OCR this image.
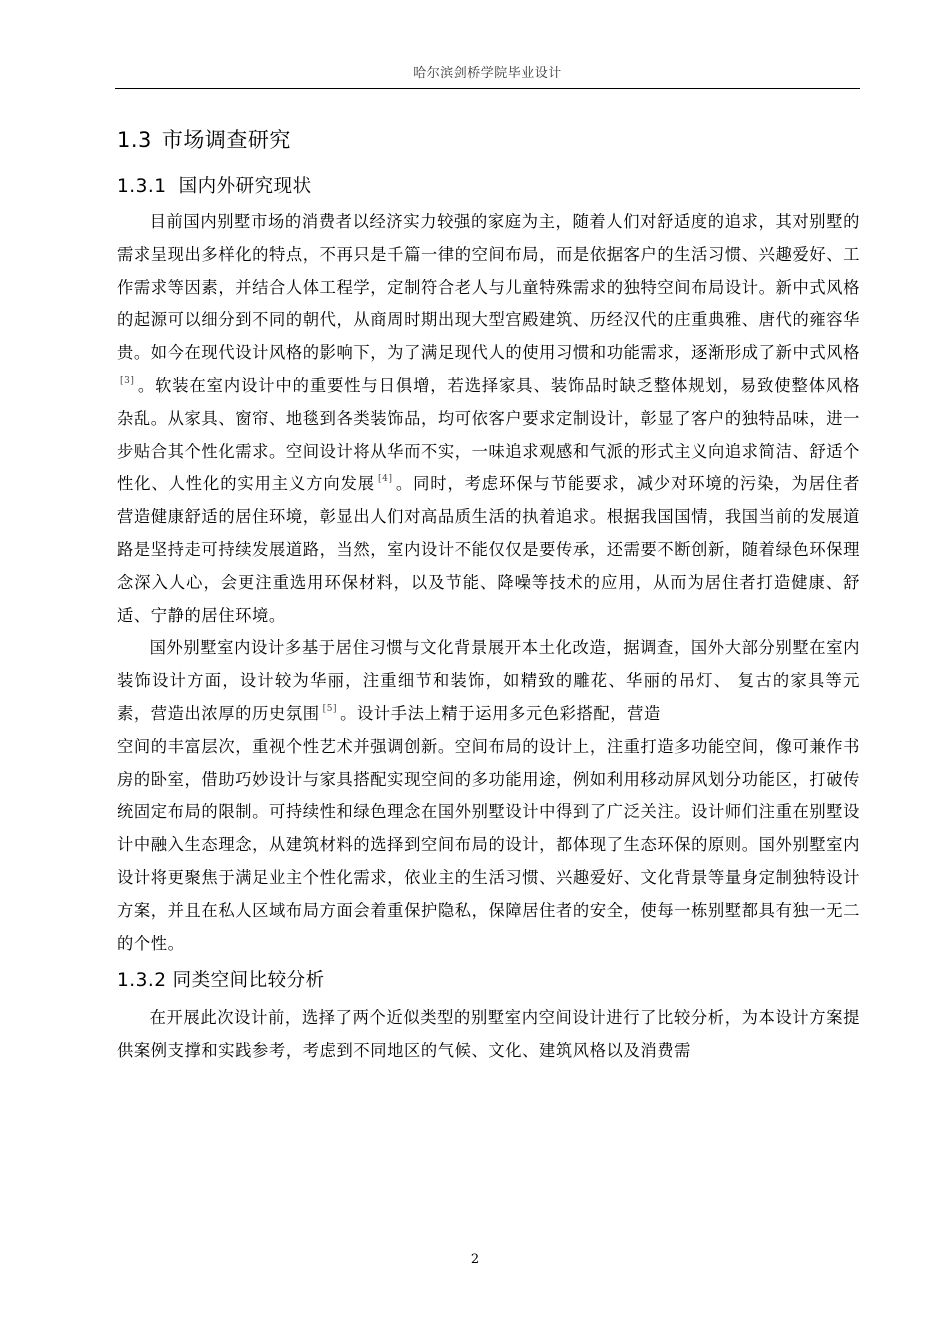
哈尔滨剑桥学院毕业设计
1.3 市场调查研究
1.3.1 国内外研究现状

目前国内别墅市场的消费者以经济实力较强的家庭为主，随着人们对舒适度的追求，其对别墅的需求呈现出多样化的特点，不再只是千篇一律的空间布局，而是依据客户的生活习惯、兴趣爱好、工作需求等因素，并结合人体工程学，定制符合老人与儿童特殊需求的独特空间布局设计。新中式风格的起源可以细分到不同的朝代，从商周时期出现大型宫殿建筑、历经汉代的庄重典雅、唐代的雍容华贵。如今在现代设计风格的影响下，为了满足现代人的使用习惯和功能需求，逐渐形成了新中式风格[3] 。软装在室内设计中的重要性与日俱增，若选择家具、装饰品时缺乏整体规划，易致使整体风格杂乱。从家具、窗帘、地毯到各类装饰品，均可依客户要求定制设计，彰显了客户的独特品味，进一步贴合其个性化需求。空间设计将从华而不实，一味追求观感和气派的形式主义向追求简洁、舒适个性化、人性化的实用主义方向发展 [4] 。同时，考虑环保与节能要求，减少对环境的污染，为居住者营造健康舒适的居住环境，彰显出人们对高品质生活的执着追求。根据我国国情，我国当前的发展道路是坚持走可持续发展道路，当然，室内设计不能仅仅是要传承，还需要不断创新，随着绿色环保理念深入人心，会更注重选用环保材料，以及节能、降噪等技术的应用，从而为居住者打造健康、舒适、宁静的居住环境。

国外别墅室内设计多基于居住习惯与文化背景展开本土化改造，据调查，国外大部分别墅在室内装饰设计方面，设计较为华丽，注重细节和装饰，如精致的雕花、华丽的吊灯、 复古的家具等元素，营造出浓厚的历史氛围 [5] 。设计手法上精于运用多元色彩搭配，营造

空间的丰富层次，重视个性艺术并强调创新。空间布局的设计上，注重打造多功能空间，像可兼作书房的卧室，借助巧妙设计与家具搭配实现空间的多功能用途，例如利用移动屏风划分功能区，打破传统固定布局的限制。可持续性和绿色理念在国外别墅设计中得到了广泛关注。设计师们注重在别墅设计中融入生态理念，从建筑材料的选择到空间布局的设计，都体现了生态环保的原则。国外别墅室内设计将更聚焦于满足业主个性化需求，依业主的生活习惯、兴趣爱好、文化背景等量身定制独特设计方案，并且在私人区域布局方面会着重保护隐私，保障居住者的安全，使每一栋别墅都具有独一无二的个性。

1.3.2 同类空间比较分析

在开展此次设计前，选择了两个近似类型的别墅室内空间设计进行了比较分析，为本设计方案提供案例支撑和实践参考，考虑到不同地区的气候、文化、建筑风格以及消费需

2
